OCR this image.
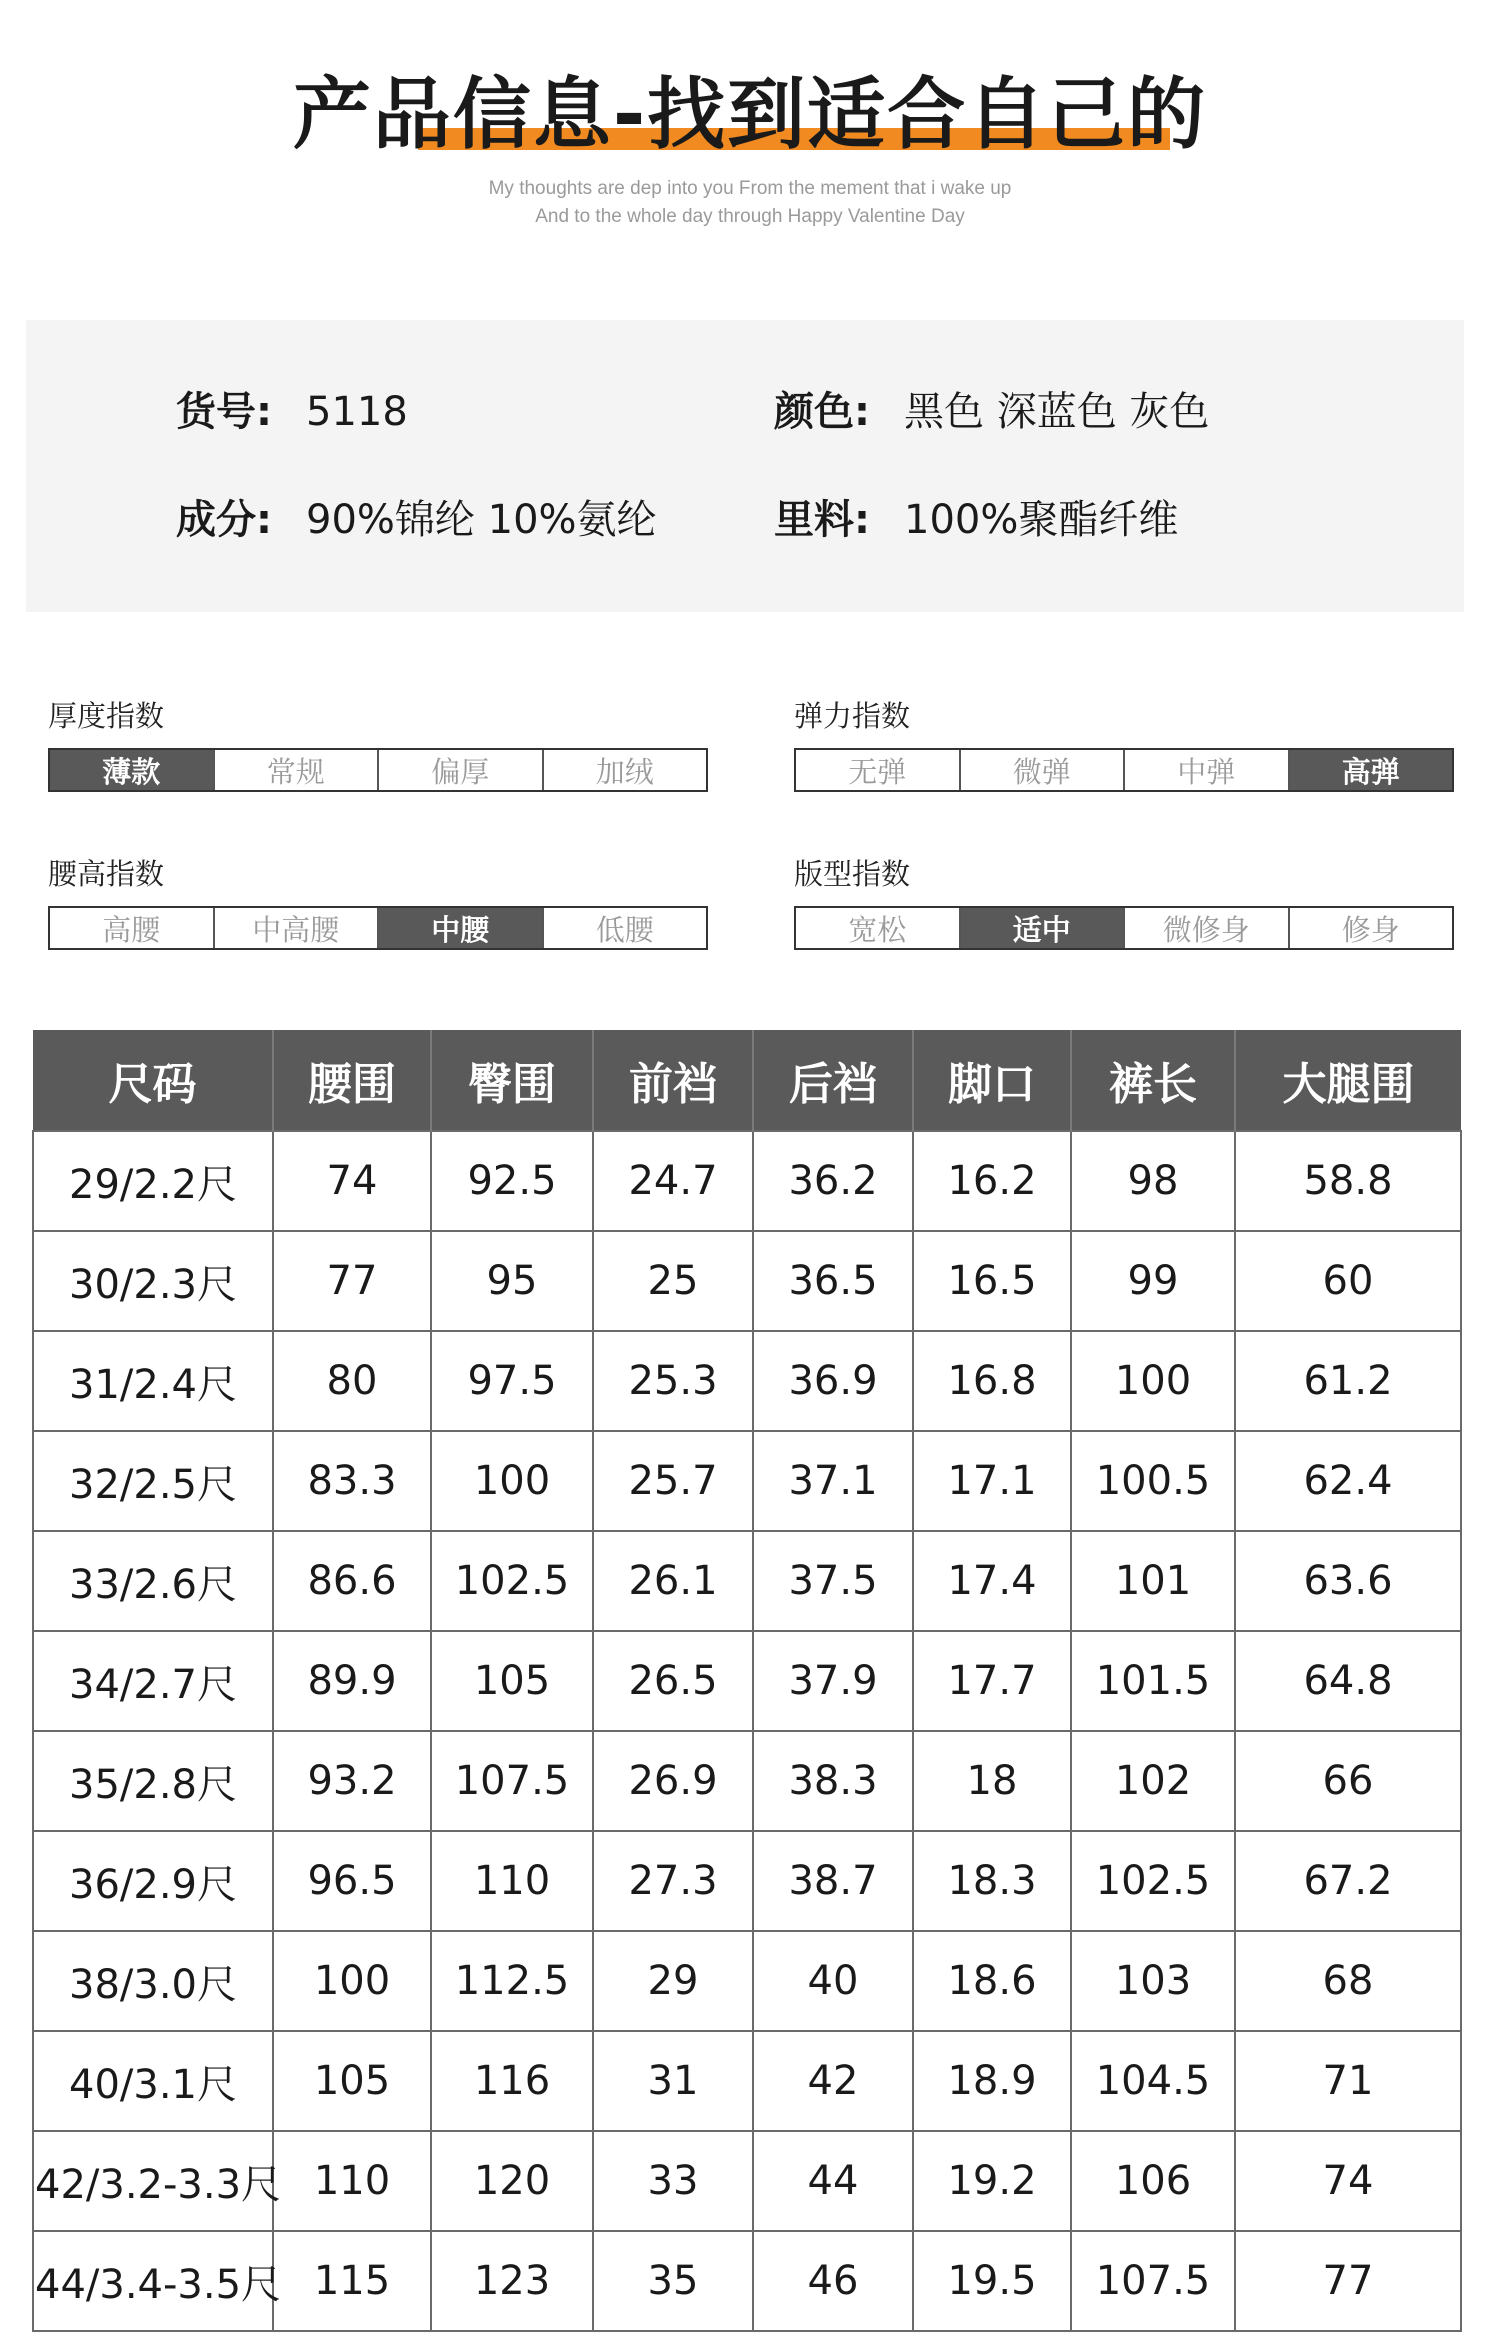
产品信息-找到适合自己的
My thoughts are dep into you From the mement that i wake up
And to the whole day through Happy Valentine Day
货号: 5118	颜色: 黑色 深蓝色 灰色
成分: 90%锦纶 10%氨纶	里料: 100%聚酯纤维
厚度指数
薄款	常规	偏厚	加绒
弹力指数
无弹	微弹	中弹	高弹
腰高指数
高腰	中高腰	中腰	低腰
版型指数
宽松	适中	微修身	修身
尺码	腰围	臀围	前裆	后裆	脚口	裤长	大腿围
29/2.2尺	74	92.5	24.7	36.2	16.2	98	58.8
30/2.3尺	77	95	25	36.5	16.5	99	60
31/2.4尺	80	97.5	25.3	36.9	16.8	100	61.2
32/2.5尺	83.3	100	25.7	37.1	17.1	100.5	62.4
33/2.6尺	86.6	102.5	26.1	37.5	17.4	101	63.6
34/2.7尺	89.9	105	26.5	37.9	17.7	101.5	64.8
35/2.8尺	93.2	107.5	26.9	38.3	18	102	66
36/2.9尺	96.5	110	27.3	38.7	18.3	102.5	67.2
38/3.0尺	100	112.5	29	40	18.6	103	68
40/3.1尺	105	116	31	42	18.9	104.5	71
42/3.2-3.3尺	110	120	33	44	19.2	106	74
44/3.4-3.5尺	115	123	35	46	19.5	107.5	77
